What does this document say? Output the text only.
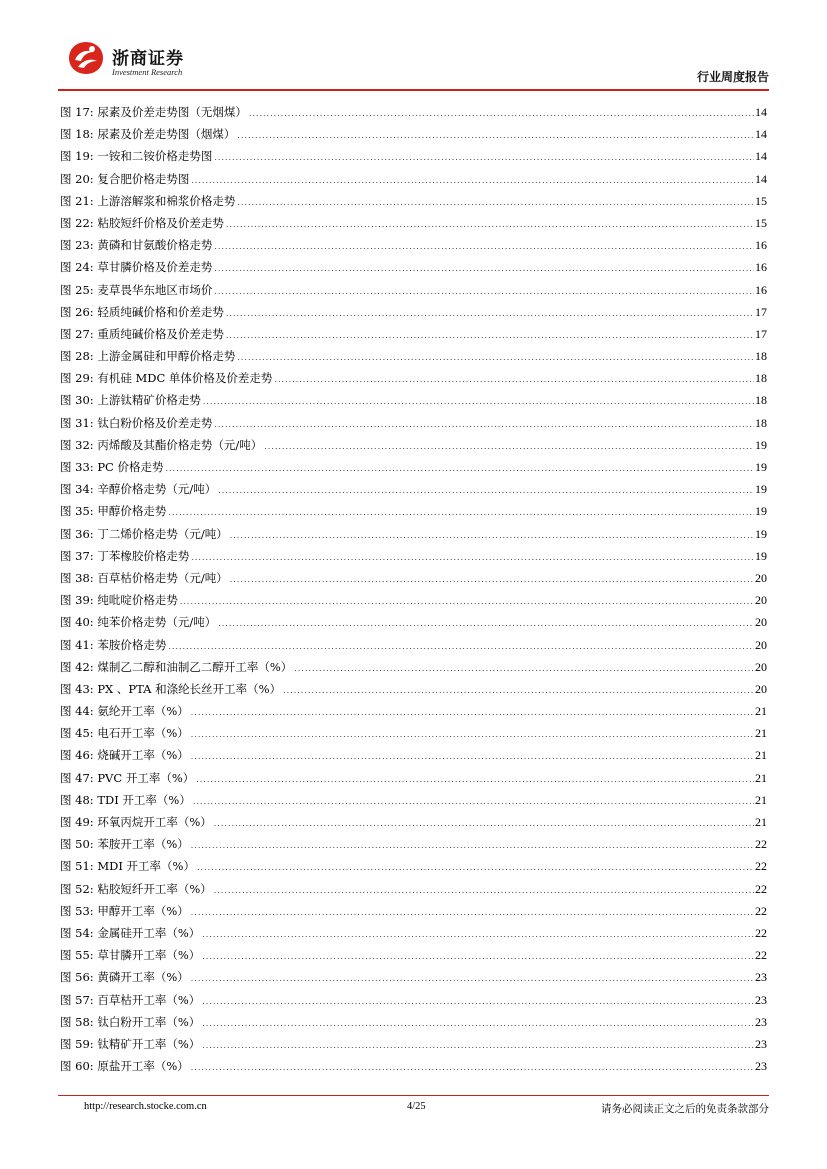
浙商证券
Investment Research	行业周度报告
图 17: 尿素及价差走势图（无烟煤） .....	14
图 18: 尿素及价差走势图（烟煤） .....	14
图 19: 一铵和二铵价格走势图 .....	14
图 20: 复合肥价格走势图 .....	14
图 21: 上游溶解浆和棉浆价格走势 .....	15
图 22: 粘胶短纤价格及价差走势 .....	15
图 23: 黄磷和甘氨酸价格走势 .....	16
图 24: 草甘膦价格及价差走势 .....	16
图 25: 麦草畏华东地区市场价 .....	16
图 26: 轻质纯碱价格和价差走势 .....	17
图 27: 重质纯碱价格及价差走势 .....	17
图 28: 上游金属硅和甲醇价格走势 .....	18
图 29: 有机硅 MDC 单体价格及价差走势 .....	18
图 30: 上游钛精矿价格走势 .....	18
图 31: 钛白粉价格及价差走势 .....	18
图 32: 丙烯酸及其酯价格走势（元/吨） .....	19
图 33: PC 价格走势 .....	19
图 34: 辛醇价格走势（元/吨） .....	19
图 35: 甲醇价格走势 .....	19
图 36: 丁二烯价格走势（元/吨） .....	19
图 37: 丁苯橡胶价格走势 .....	19
图 38: 百草枯价格走势（元/吨） .....	20
图 39: 纯吡啶价格走势 .....	20
图 40: 纯苯价格走势（元/吨） .....	20
图 41: 苯胺价格走势 .....	20
图 42: 煤制乙二醇和油制乙二醇开工率（%） .....	20
图 43: PX 、PTA 和涤纶长丝开工率（%） .....	20
图 44: 氨纶开工率（%） .....	21
图 45: 电石开工率（%） .....	21
图 46: 烧碱开工率（%） .....	21
图 47: PVC 开工率（%） .....	21
图 48: TDI 开工率（%） .....	21
图 49: 环氧丙烷开工率（%） .....	21
图 50: 苯胺开工率（%） .....	22
图 51: MDI 开工率（%） .....	22
图 52: 粘胶短纤开工率（%） .....	22
图 53: 甲醇开工率（%） .....	22
图 54: 金属硅开工率（%） .....	22
图 55: 草甘膦开工率（%） .....	22
图 56: 黄磷开工率（%） .....	23
图 57: 百草枯开工率（%） .....	23
图 58: 钛白粉开工率（%） .....	23
图 59: 钛精矿开工率（%） .....	23
图 60: 原盐开工率（%） .....	23
http://research.stocke.com.cn	4/25	请务必阅读正文之后的免责条款部分
